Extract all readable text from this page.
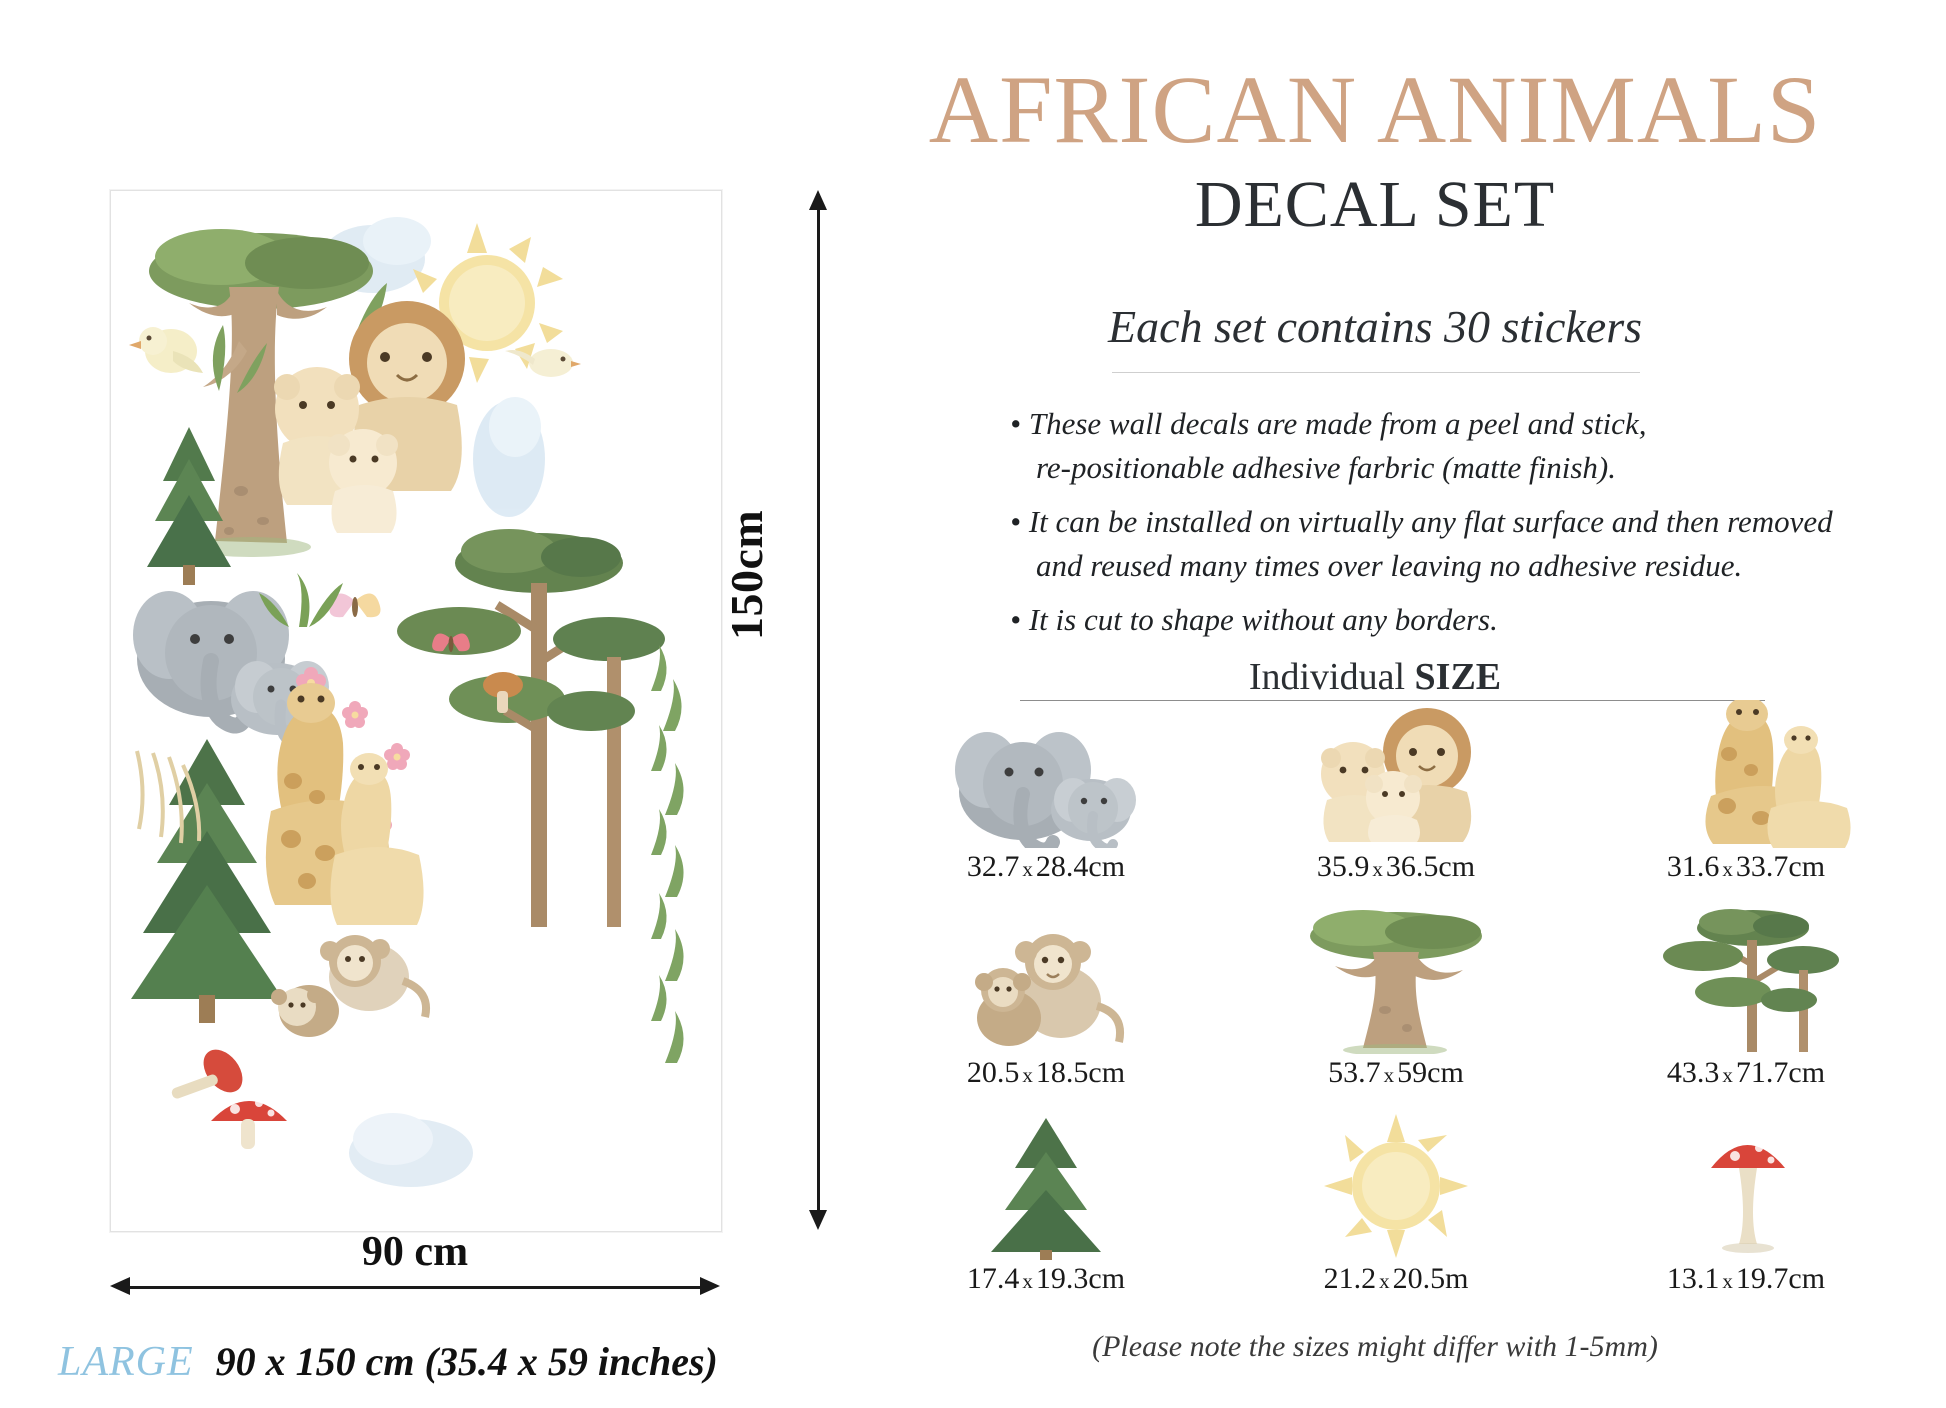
150cm
90 cm
LARGE 90 x 150 cm (35.4 x 59 inches)
AFRICAN ANIMALS
DECAL SET
Each set contains 30 stickers
• These wall decals are made from a peel and stick,
re-positionable adhesive farbric (matte finish).
• It can be installed on virtually any flat surface and then removed
and reused many times over leaving no adhesive residue.
• It is cut to shape without any borders.
Individual SIZE
32.7 x 28.4cm	35.9 x 36.5cm	31.6 x 33.7cm
20.5 x 18.5cm	53.7 x 59cm	43.3 x 71.7cm
17.4 x 19.3cm	21.2 x 20.5m	13.1 x 19.7cm
(Please note the sizes might differ with 1-5mm)
